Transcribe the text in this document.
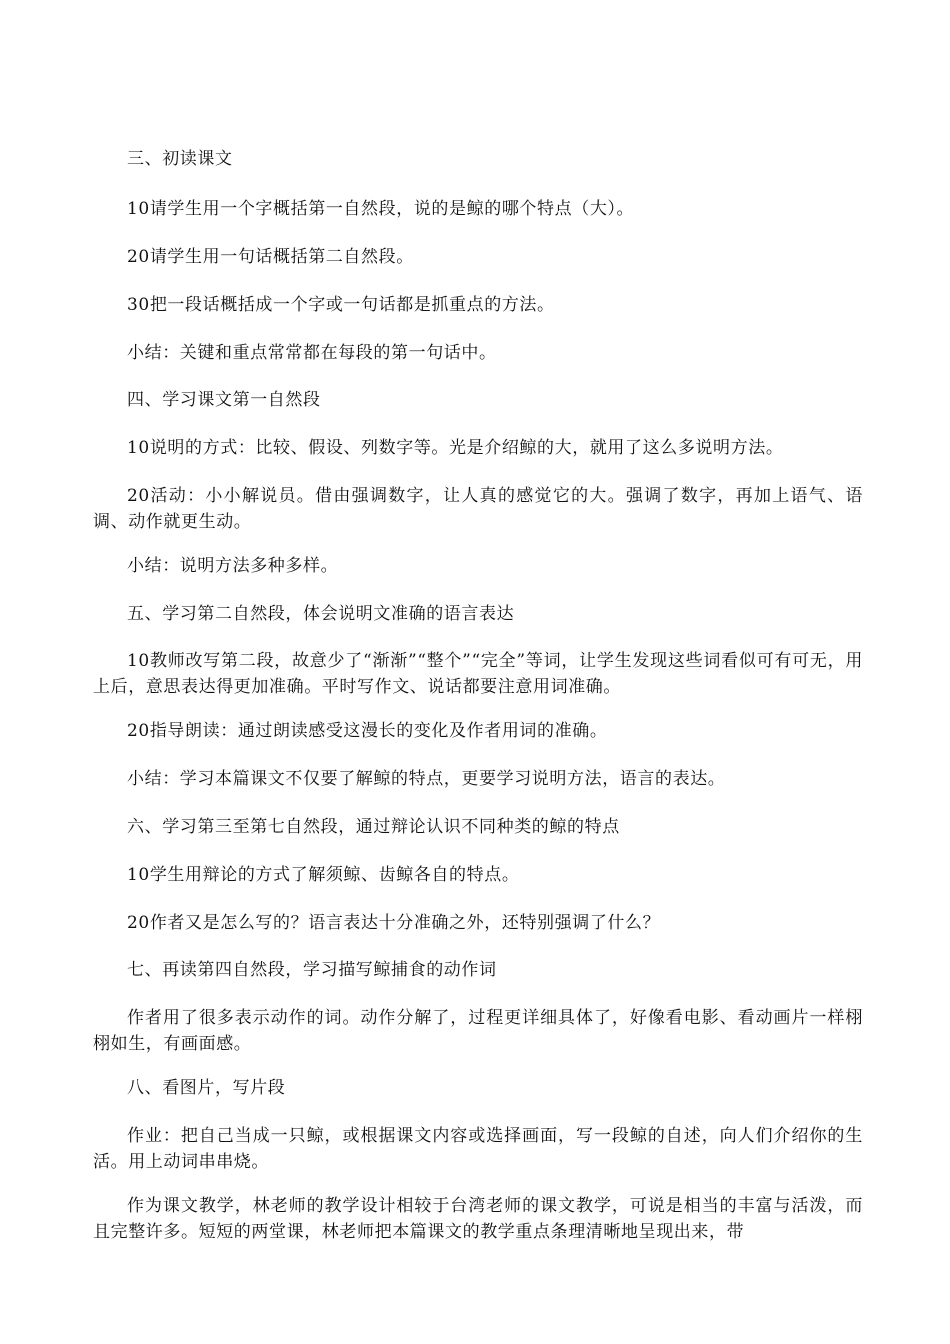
三、初读课文

10请学生用一个字概括第一自然段，说的是鲸的哪个特点（大）。

20请学生用一句话概括第二自然段。

30把一段话概括成一个字或一句话都是抓重点的方法。

小结：关键和重点常常都在每段的第一句话中。

四、学习课文第一自然段

10说明的方式：比较、假设、列数字等。光是介绍鲸的大，就用了这么多说明方法。

20活动：小小解说员。借由强调数字，让人真的感觉它的大。强调了数字，再加上语气、语调、动作就更生动。

小结：说明方法多种多样。

五、学习第二自然段，体会说明文准确的语言表达

10教师改写第二段，故意少了“渐渐”“整个”“完全”等词，让学生发现这些词看似可有可无，用上后，意思表达得更加准确。平时写作文、说话都要注意用词准确。

20指导朗读：通过朗读感受这漫长的变化及作者用词的准确。

小结：学习本篇课文不仅要了解鲸的特点，更要学习说明方法，语言的表达。

六、学习第三至第七自然段，通过辩论认识不同种类的鲸的特点

10学生用辩论的方式了解须鲸、齿鲸各自的特点。

20作者又是怎么写的？语言表达十分准确之外，还特别强调了什么？

七、再读第四自然段，学习描写鲸捕食的动作词

作者用了很多表示动作的词。动作分解了，过程更详细具体了，好像看电影、看动画片一样栩栩如生，有画面感。

八、看图片，写片段

作业：把自己当成一只鲸，或根据课文内容或选择画面，写一段鲸的自述，向人们介绍你的生活。用上动词串串烧。

作为课文教学，林老师的教学设计相较于台湾老师的课文教学，可说是相当的丰富与活泼，而且完整许多。短短的两堂课，林老师把本篇课文的教学重点条理清晰地呈现出来，带
